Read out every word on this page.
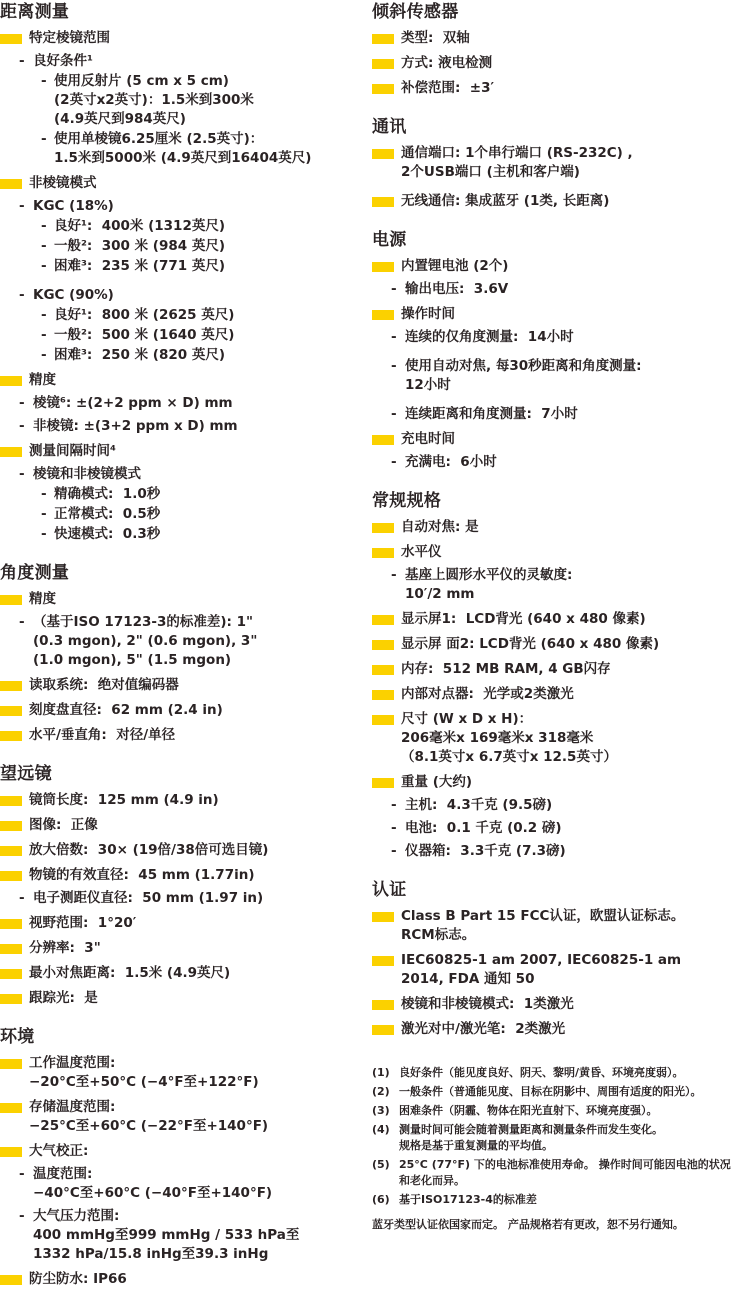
距离测量
特定棱镜范围
- 良好条件¹
- 使用反射片 (5 cm x 5 cm)
(2英寸x2英寸)：1.5米到300米
(4.9英尺到984英尺)
- 使用单棱镜6.25厘米 (2.5英寸)：
1.5米到5000米 (4.9英尺到16404英尺)
非棱镜模式
- KGC (18%)
- 良好¹:  400米 (1312英尺)
- 一般²:  300 米 (984 英尺)
- 困难³:  235 米 (771 英尺)
- KGC (90%)
- 良好¹:  800 米 (2625 英尺)
- 一般²:  500 米 (1640 英尺)
- 困难³:  250 米 (820 英尺)
精度
- 棱镜⁶: ±(2+2 ppm × D) mm
- 非棱镜: ±(3+2 ppm x D) mm
测量间隔时间⁴
- 棱镜和非棱镜模式
- 精确模式:  1.0秒
- 正常模式:  0.5秒
- 快速模式:  0.3秒
角度测量
精度
- （基于ISO 17123-3的标准差): 1"
(0.3 mgon), 2" (0.6 mgon), 3"
(1.0 mgon), 5" (1.5 mgon)
读取系统:  绝对值编码器
刻度盘直径:  62 mm (2.4 in)
水平/垂直角:  对径/单径
望远镜
镜筒长度:  125 mm (4.9 in)
图像:  正像
放大倍数:  30× (19倍/38倍可选目镜)
物镜的有效直径:  45 mm (1.77in)
- 电子测距仪直径:  50 mm (1.97 in)
视野范围:  1°20′
分辨率:  3"
最小对焦距离:  1.5米 (4.9英尺)
跟踪光:  是
环境
工作温度范围:
−20°C至+50°C (−4°F至+122°F)
存储温度范围:
−25°C至+60°C (−22°F至+140°F)
大气校正:
- 温度范围:
−40°C至+60°C (−40°F至+140°F)
- 大气压力范围:
400 mmHg至999 mmHg / 533 hPa至
1332 hPa/15.8 inHg至39.3 inHg
防尘防水: IP66
倾斜传感器
类型:  双轴
方式: 液电检测
补偿范围:  ±3′
通讯
通信端口: 1个串行端口 (RS-232C) ,
2个USB端口 (主机和客户端)
无线通信: 集成蓝牙 (1类, 长距离)
电源
内置锂电池 (2个)
- 输出电压:  3.6V
操作时间
- 连续的仅角度测量:  14小时
- 使用自动对焦, 每30秒距离和角度测量:
12小时
- 连续距离和角度测量:  7小时
充电时间
- 充满电:  6小时
常规规格
自动对焦: 是
水平仪
- 基座上圆形水平仪的灵敏度:
10′/2 mm
显示屏1:  LCD背光 (640 x 480 像素)
显示屏 面2: LCD背光 (640 x 480 像素)
内存:  512 MB RAM, 4 GB闪存
内部对点器:  光学或2类激光
尺寸 (W x D x H)：
206毫米x 169毫米x 318毫米
（8.1英寸x 6.7英寸x 12.5英寸）
重量 (大约)
- 主机:  4.3千克 (9.5磅)
- 电池:  0.1 千克 (0.2 磅)
- 仪器箱:  3.3千克 (7.3磅)
认证
Class B Part 15 FCC认证，欧盟认证标志。
RCM标志。
IEC60825-1 am 2007, IEC60825-1 am
2014, FDA 通知 50
棱镜和非棱镜模式:  1类激光
激光对中/激光笔:  2类激光
(1) 良好条件（能见度良好、阴天、黎明/黄昏、环境亮度弱）。
(2) 一般条件（普通能见度、目标在阴影中、周围有适度的阳光）。
(3) 困难条件（阴霾、物体在阳光直射下、环境亮度强）。
(4) 测量时间可能会随着测量距离和测量条件而发生变化。
规格是基于重复测量的平均值。
(5) 25°C (77°F) 下的电池标准使用寿命。 操作时间可能因电池的状况和老化而异。
(6) 基于ISO17123-4的标准差

蓝牙类型认证依国家而定。 产品规格若有更改，恕不另行通知。
